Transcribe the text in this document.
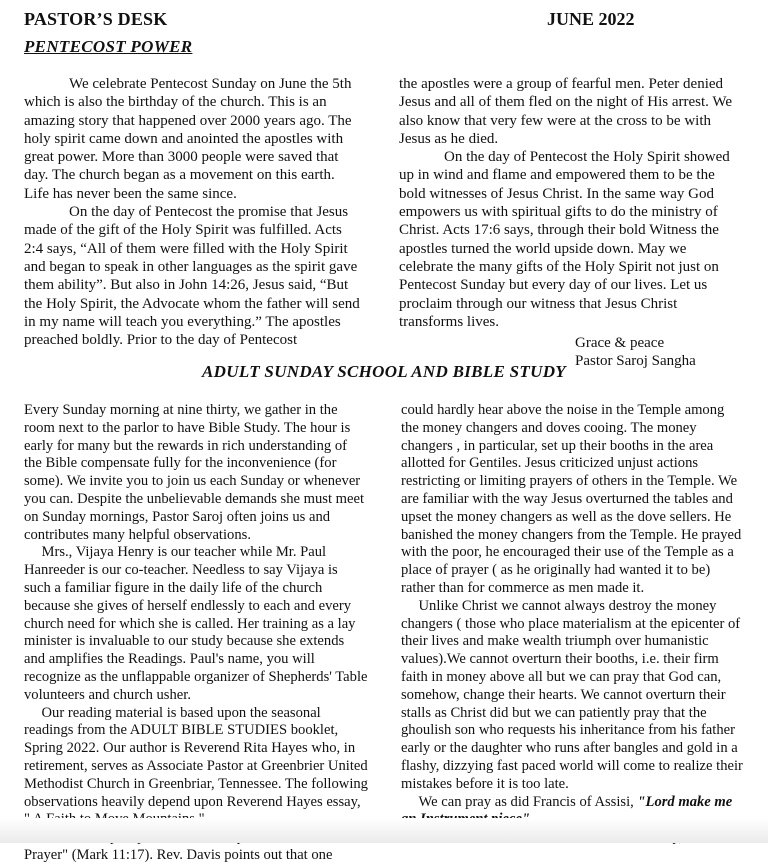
PASTOR’S DESK	JUNE 2022
PENTECOST POWER

We celebrate Pentecost Sunday on June the 5th which is also the birthday of the church. This is an amazing story that happened over 2000 years ago. The holy spirit came down and anointed the apostles with great power. More than 3000 people were saved that day. The church began as a movement on this earth. Life has never been the same since.

On the day of Pentecost the promise that Jesus made of the gift of the Holy Spirit was fulfilled. Acts 2:4 says, “All of them were filled with the Holy Spirit and began to speak in other languages as the spirit gave them ability”. But also in John 14:26, Jesus said, “But the Holy Spirit, the Advocate whom the father will send in my name will teach you everything.” The apostles preached boldly. Prior to the day of Pentecost

the apostles were a group of fearful men. Peter denied Jesus and all of them fled on the night of His arrest. We also know that very few were at the cross to be with Jesus as he died.

On the day of Pentecost the Holy Spirit showed up in wind and flame and empowered them to be the bold witnesses of Jesus Christ. In the same way God empowers us with spiritual gifts to do the ministry of Christ. Acts 17:6 says, through their bold Witness the apostles turned the world upside down. May we celebrate the many gifts of the Holy Spirit not just on Pentecost Sunday but every day of our lives. Let us proclaim through our witness that Jesus Christ transforms lives.

Grace & peace

Pastor Saroj Sangha

ADULT SUNDAY SCHOOL AND BIBLE STUDY

Every Sunday morning at nine thirty, we gather in the room next to the parlor to have Bible Study. The hour is early for many but the rewards in rich understanding of the Bible compensate fully for the inconvenience (for some). We invite you to join us each Sunday or whenever you can. Despite the unbelievable demands she must meet on Sunday mornings, Pastor Saroj often joins us and contributes many helpful observations.

Mrs., Vijaya Henry is our teacher while Mr. Paul Hanreeder is our co-teacher. Needless to say Vijaya is such a familiar figure in the daily life of the church because she gives of herself endlessly to each and every church need for which she is called. Her training as a lay minister is invaluable to our study because she extends and amplifies the Readings. Paul's name, you will recognize as the unflappable organizer of Shepherds' Table volunteers and church usher.

Our reading material is based upon the seasonal readings from the ADULT BIBLE STUDIES booklet, Spring 2022. Our author is Reverend Rita Hayes who, in retirement, serves as Associate Pastor at Greenbrier United Methodist Church in Greenbriar, Tennessee. The following observations heavily depend upon Reverend Hayes essay,

Prayer" (Mark 11:17). Rev. Davis points out that one

could hardly hear above the noise in the Temple among the money changers and doves cooing. The money changers , in particular, set up their booths in the area allotted for Gentiles. Jesus criticized unjust actions restricting or limiting prayers of others in the Temple. We are familiar with the way Jesus overturned the tables and upset the money changers as well as the dove sellers. He banished the money changers from the Temple. He prayed with the poor, he encouraged their use of the Temple as a place of prayer ( as he originally had wanted it to be) rather than for commerce as men made it.

Unlike Christ we cannot always destroy the money changers ( those who place materialism at the epicenter of their lives and make wealth triumph over humanistic values).We cannot overturn their booths, i.e. their firm faith in money above all but we can pray that God can, somehow, change their hearts. We cannot overturn their stalls as Christ did but we can patiently pray that the ghoulish son who requests his inheritance from his father early or the daughter who runs after bangles and gold in a flashy, dizzying fast paced world will come to realize their mistakes before it is too late.

We can pray as did Francis of Assisi, "Lord make me
